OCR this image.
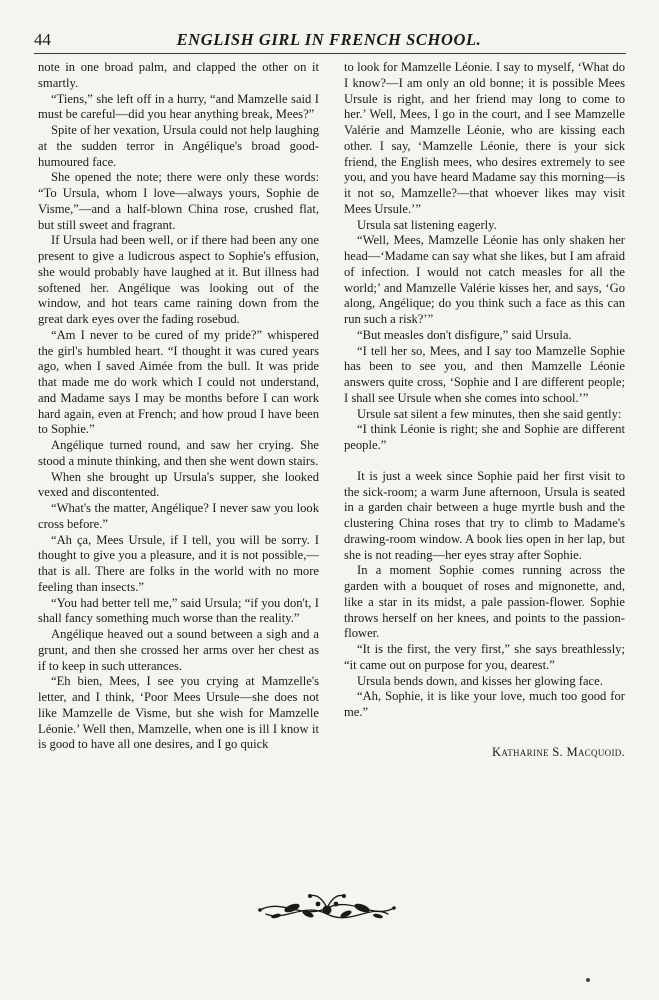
44	ENGLISH GIRL IN FRENCH SCHOOL.

note in one broad palm, and clapped the other on it smartly.

“Tiens,” she left off in a hurry, “and Mamzelle said I must be careful—did you hear anything break, Mees?”

Spite of her vexation, Ursula could not help laughing at the sudden terror in Angélique's broad good-humoured face.

She opened the note; there were only these words: “To Ursula, whom I love—always yours, Sophie de Visme,”—and a half-blown China rose, crushed flat, but still sweet and fragrant.

If Ursula had been well, or if there had been any one present to give a ludicrous aspect to Sophie's effusion, she would probably have laughed at it. But illness had softened her. Angélique was looking out of the window, and hot tears came raining down from the great dark eyes over the fading rosebud.

“Am I never to be cured of my pride?” whispered the girl's humbled heart. “I thought it was cured years ago, when I saved Aimée from the bull. It was pride that made me do work which I could not understand, and Madame says I may be months before I can work hard again, even at French; and how proud I have been to Sophie.”

Angélique turned round, and saw her crying. She stood a minute thinking, and then she went down stairs.

When she brought up Ursula's supper, she looked vexed and discontented.

“What's the matter, Angélique? I never saw you look cross before.”

“Ah ça, Mees Ursule, if I tell, you will be sorry. I thought to give you a pleasure, and it is not possible,—that is all. There are folks in the world with no more feeling than insects.”

“You had better tell me,” said Ursula; “if you don't, I shall fancy something much worse than the reality.”

Angélique heaved out a sound between a sigh and a grunt, and then she crossed her arms over her chest as if to keep in such utterances.

“Eh bien, Mees, I see you crying at Mamzelle's letter, and I think, ‘Poor Mees Ursule—she does not like Mamzelle de Visme, but she wish for Mamzelle Léonie.’ Well then, Mamzelle, when one is ill I know it is good to have all one desires, and I go quick

to look for Mamzelle Léonie. I say to myself, ‘What do I know?—I am only an old bonne; it is possible Mees Ursule is right, and her friend may long to come to her.’ Well, Mees, I go in the court, and I see Mamzelle Valérie and Mamzelle Léonie, who are kissing each other. I say, ‘Mamzelle Léonie, there is your sick friend, the English mees, who desires extremely to see you, and you have heard Madame say this morning—is it not so, Mamzelle?—that whoever likes may visit Mees Ursule.’”

Ursula sat listening eagerly.

“Well, Mees, Mamzelle Léonie has only shaken her head—‘Madame can say what she likes, but I am afraid of infection. I would not catch measles for all the world;’ and Mamzelle Valérie kisses her, and says, ‘Go along, Angélique; do you think such a face as this can run such a risk?’”

“But measles don't disfigure,” said Ursula.

“I tell her so, Mees, and I say too Mamzelle Sophie has been to see you, and then Mamzelle Léonie answers quite cross, ‘Sophie and I are different people; I shall see Ursule when she comes into school.’”

Ursule sat silent a few minutes, then she said gently:

“I think Léonie is right; she and Sophie are different people.”

It is just a week since Sophie paid her first visit to the sick-room; a warm June afternoon, Ursula is seated in a garden chair between a huge myrtle bush and the clustering China roses that try to climb to Madame's drawing-room window. A book lies open in her lap, but she is not reading—her eyes stray after Sophie.

In a moment Sophie comes running across the garden with a bouquet of roses and mignonette, and, like a star in its midst, a pale passion-flower. Sophie throws herself on her knees, and points to the passion-flower.

“It is the first, the very first,” she says breathlessly; “it came out on purpose for you, dearest.”

Ursula bends down, and kisses her glowing face.

“Ah, Sophie, it is like your love, much too good for me.”

Katharine S. Macquoid.
